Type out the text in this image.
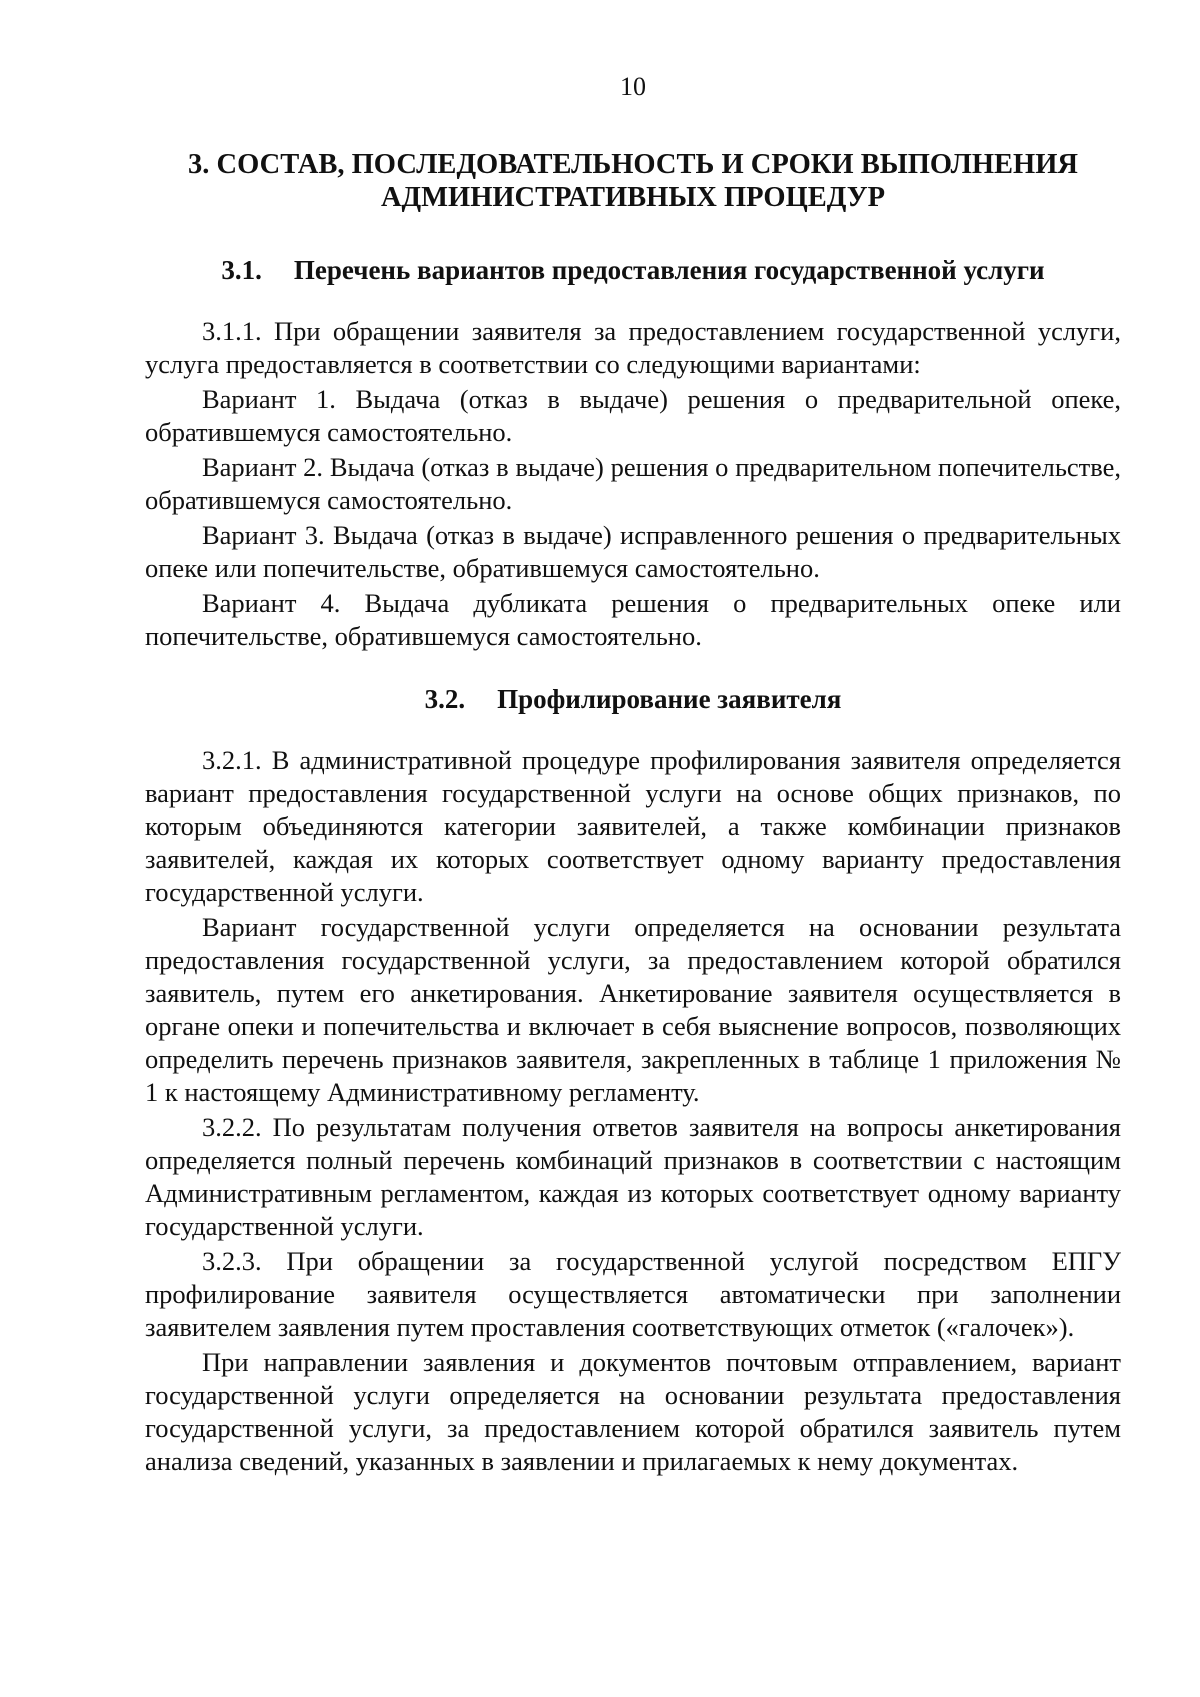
10
3. СОСТАВ, ПОСЛЕДОВАТЕЛЬНОСТЬ И СРОКИ ВЫПОЛНЕНИЯ
АДМИНИСТРАТИВНЫХ ПРОЦЕДУР
3.1. Перечень вариантов предоставления государственной услуги

3.1.1. При обращении заявителя за предоставлением государственной услуги, услуга предоставляется в соответствии со следующими вариантами:

Вариант 1. Выдача (отказ в выдаче) решения о предварительной опеке, обратившемуся самостоятельно.

Вариант 2. Выдача (отказ в выдаче) решения о предварительном попечительстве, обратившемуся самостоятельно.

Вариант 3. Выдача (отказ в выдаче) исправленного решения о предварительных опеке или попечительстве, обратившемуся самостоятельно.

Вариант 4. Выдача дубликата решения о предварительных опеке или попечительстве, обратившемуся самостоятельно.

3.2. Профилирование заявителя

3.2.1. В административной процедуре профилирования заявителя определяется вариант предоставления государственной услуги на основе общих признаков, по которым объединяются категории заявителей, а также комбинации признаков заявителей, каждая их которых соответствует одному варианту предоставления государственной услуги.

Вариант государственной услуги определяется на основании результата предоставления государственной услуги, за предоставлением которой обратился заявитель, путем его анкетирования. Анкетирование заявителя осуществляется в органе опеки и попечительства и включает в себя выяснение вопросов, позволяющих определить перечень признаков заявителя, закрепленных в таблице 1 приложения № 1 к настоящему Административному регламенту.

3.2.2. По результатам получения ответов заявителя на вопросы анкетирования определяется полный перечень комбинаций признаков в соответствии с настоящим Административным регламентом, каждая из которых соответствует одному варианту государственной услуги.

3.2.3. При обращении за государственной услугой посредством ЕПГУ профилирование заявителя осуществляется автоматически при заполнении заявителем заявления путем проставления соответствующих отметок («галочек»).

При направлении заявления и документов почтовым отправлением, вариант государственной услуги определяется на основании результата предоставления государственной услуги, за предоставлением которой обратился заявитель путем анализа сведений, указанных в заявлении и прилагаемых к нему документах.
